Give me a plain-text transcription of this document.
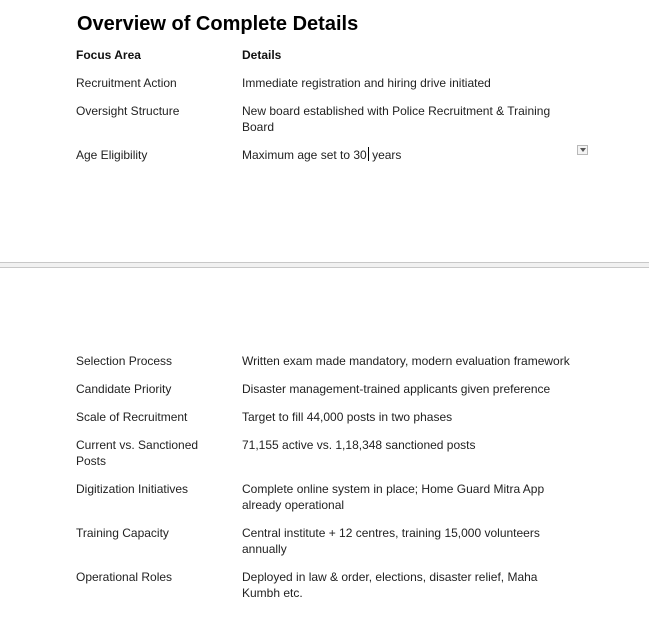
Overview of Complete Details
Focus Area	Details
Recruitment Action	Immediate registration and hiring drive initiated
Oversight Structure	New board established with Police Recruitment & Training Board
Age Eligibility	Maximum age set to 30 years
Selection Process	Written exam made mandatory, modern evaluation framework
Candidate Priority	Disaster management-trained applicants given preference
Scale of Recruitment	Target to fill 44,000 posts in two phases
Current vs. Sanctioned Posts	71,155 active vs. 1,18,348 sanctioned posts
Digitization Initiatives	Complete online system in place; Home Guard Mitra App already operational
Training Capacity	Central institute + 12 centres, training 15,000 volunteers annually
Operational Roles	Deployed in law & order, elections, disaster relief, Maha Kumbh etc.
